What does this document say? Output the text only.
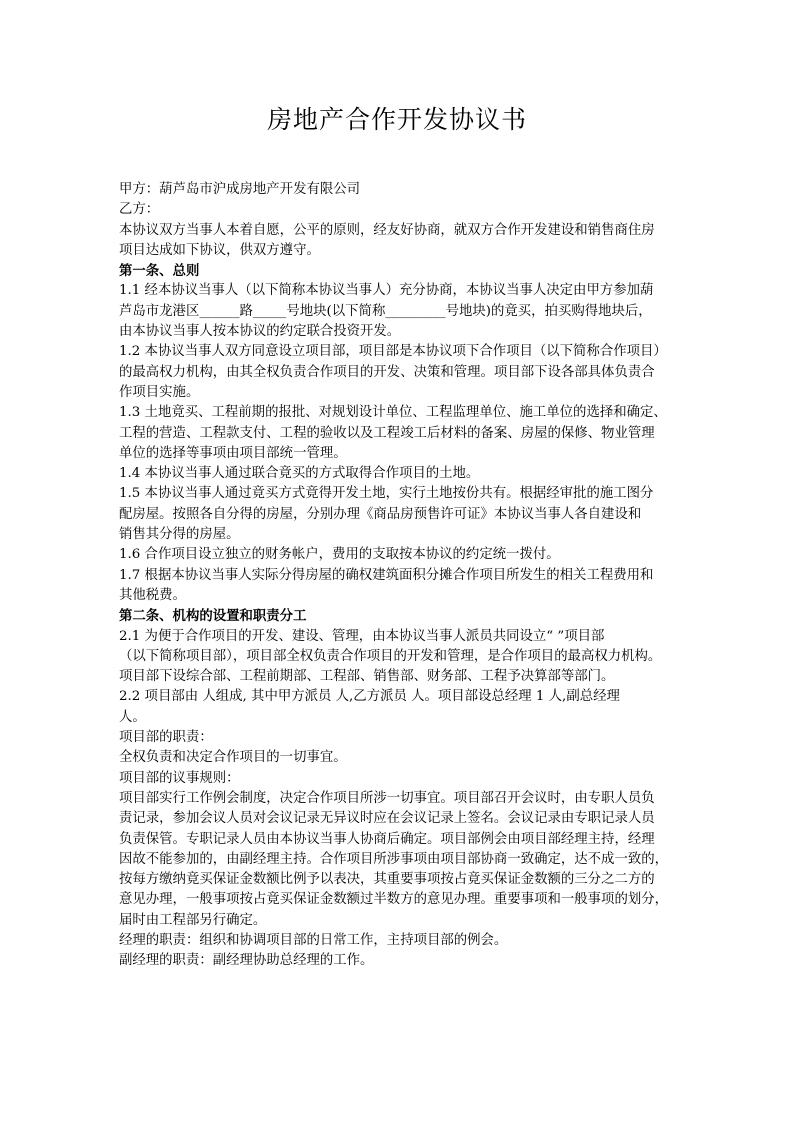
房地产合作开发协议书

甲方：葫芦岛市沪成房地产开发有限公司

乙方：

本协议双方当事人本着自愿，公平的原则，经友好协商，就双方合作开发建设和销售商住房

项目达成如下协议，供双方遵守。

第一条、总则

1.1 经本协议当事人（以下简称本协议当事人）充分协商，本协议当事人决定由甲方参加葫

芦岛市龙港区______路_____号地块(以下简称_________号地块)的竟买，拍买购得地块后，

由本协议当事人按本协议的约定联合投资开发。

1.2 本协议当事人双方同意设立项目部，项目部是本协议项下合作项目（以下简称合作项目）

的最高权力机构，由其全权负责合作项目的开发、决策和管理。项目部下设各部具体负责合

作项目实施。

1.3 土地竟买、工程前期的报批、对规划设计单位、工程监理单位、施工单位的选择和确定、

工程的营造、工程款支付、工程的验收以及工程竣工后材料的备案、房屋的保修、物业管理

单位的选择等事项由项目部统一管理。

1.4 本协议当事人通过联合竟买的方式取得合作项目的土地。

1.5 本协议当事人通过竟买方式竟得开发土地，实行土地按份共有。根据经审批的施工图分

配房屋。按照各自分得的房屋，分别办理《商品房预售许可证》本协议当事人各自建设和

销售其分得的房屋。

1.6 合作项目设立独立的财务帐户，费用的支取按本协议的约定统一拨付。

1.7 根据本协议当事人实际分得房屋的确权建筑面积分摊合作项目所发生的相关工程费用和

其他税费。

第二条、机构的设置和职责分工

2.1 为便于合作项目的开发、建设、管理，由本协议当事人派员共同设立“ ”项目部

（以下简称项目部），项目部全权负责合作项目的开发和管理，是合作项目的最高权力机构。

项目部下设综合部、工程前期部、工程部、销售部、财务部、工程予决算部等部门。

2.2 项目部由 人组成, 其中甲方派员 人,乙方派员 人。项目部设总经理 1 人,副总经理

人。

项目部的职责：

全权负责和决定合作项目的一切事宜。

项目部的议事规则：

项目部实行工作例会制度，决定合作项目所涉一切事宜。项目部召开会议时，由专职人员负

责记录，参加会议人员对会议记录无异议时应在会议记录上签名。会议记录由专职记录人员

负责保管。专职记录人员由本协议当事人协商后确定。项目部例会由项目部经理主持，经理

因故不能参加的，由副经理主持。合作项目所涉事项由项目部协商一致确定，达不成一致的，

按每方缴纳竟买保证金数额比例予以表决，其重要事项按占竟买保证金数额的三分之二方的

意见办理，一般事项按占竟买保证金数额过半数方的意见办理。重要事项和一般事项的划分，

届时由工程部另行确定。

经理的职责：组织和协调项目部的日常工作，主持项目部的例会。

副经理的职责：副经理协助总经理的工作。
